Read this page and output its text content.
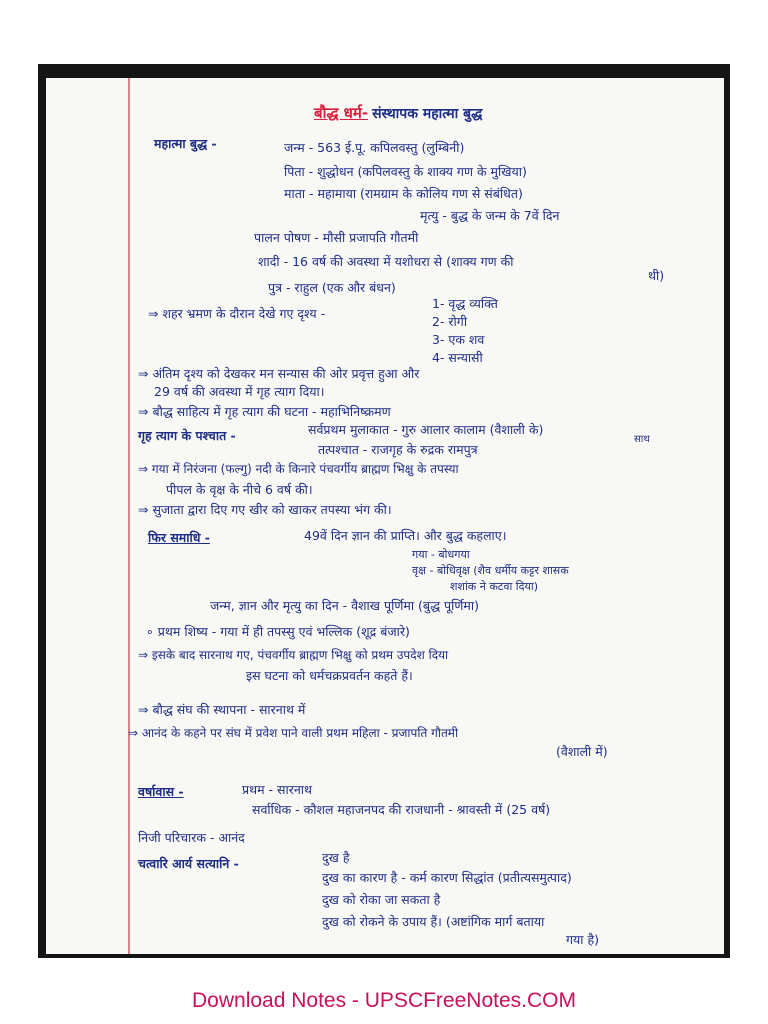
बौद्ध धर्म- संस्थापक महात्मा बुद्ध
महात्मा बुद्ध -	जन्म - 563 ई.पू. कपिलवस्तु (लुम्बिनी)
पिता - शुद्धोधन (कपिलवस्तु के शाक्य गण के मुखिया)
माता - महामाया (रामग्राम के कोलिय गण से संबंधित)
मृत्यु - बुद्ध के जन्म के 7वें दिन
पालन पोषण - मौसी प्रजापति गौतमी
शादी - 16 वर्ष की अवस्था में यशोधरा से (शाक्य गण की
थी)
पुत्र - राहुल (एक और बंधन)
⇒ शहर भ्रमण के दौरान देखे गए दृश्य -
1- वृद्ध व्यक्ति
2- रोगी
3- एक शव
4- सन्यासी
⇒ अंतिम दृश्य को देखकर मन सन्यास की ओर प्रवृत्त हुआ और
29 वर्ष की अवस्था में गृह त्याग दिया।
⇒ बौद्ध साहित्य में गृह त्याग की घटना - महाभिनिष्क्रमण
गृह त्याग के पश्चात -	सर्वप्रथम मुलाकात - गुरु आलार कालाम (वैशाली के)
तत्पश्चात - राजगृह के रुद्रक रामपुत्र
साथ
⇒ गया में निरंजना (फल्गु) नदी के किनारे पंचवर्गीय ब्राह्मण भिक्षु के तपस्या
पीपल के वृक्ष के नीचे 6 वर्ष की।
⇒ सुजाता द्वारा दिए गए खीर को खाकर तपस्या भंग की।
फिर समाधि -	49वें दिन ज्ञान की प्राप्ति। और बुद्ध कहलाए।
गया - बोधगया
वृक्ष - बोधिवृक्ष (शैव धर्मीय कट्टर शासक
शशांक ने कटवा दिया)
जन्म, ज्ञान और मृत्यु का दिन - वैशाख पूर्णिमा (बुद्ध पूर्णिमा)
∘ प्रथम शिष्य - गया में ही तपस्सु एवं भल्लिक (शूद्र बंजारे)
⇒ इसके बाद सारनाथ गए, पंचवर्गीय ब्राह्मण भिक्षु को प्रथम उपदेश दिया
इस घटना को धर्मचक्रप्रवर्तन कहते हैं।
⇒ बौद्ध संघ की स्थापना - सारनाथ में
⇒ आनंद के कहने पर संघ में प्रवेश पाने वाली प्रथम महिला - प्रजापति गौतमी
(वैशाली में)
वर्षावास -	प्रथम - सारनाथ
सर्वाधिक - कौशल महाजनपद की राजधानी - श्रावस्ती में (25 वर्ष)
निजी परिचारक - आनंद
चत्वारि आर्य सत्यानि -	दुख है
दुख का कारण है - कर्म कारण सिद्धांत (प्रतीत्यसमुत्पाद)
दुख को रोका जा सकता है
दुख को रोकने के उपाय हैं। (अष्टांगिक मार्ग बताया
गया है)
Download Notes - UPSCFreeNotes.COM
